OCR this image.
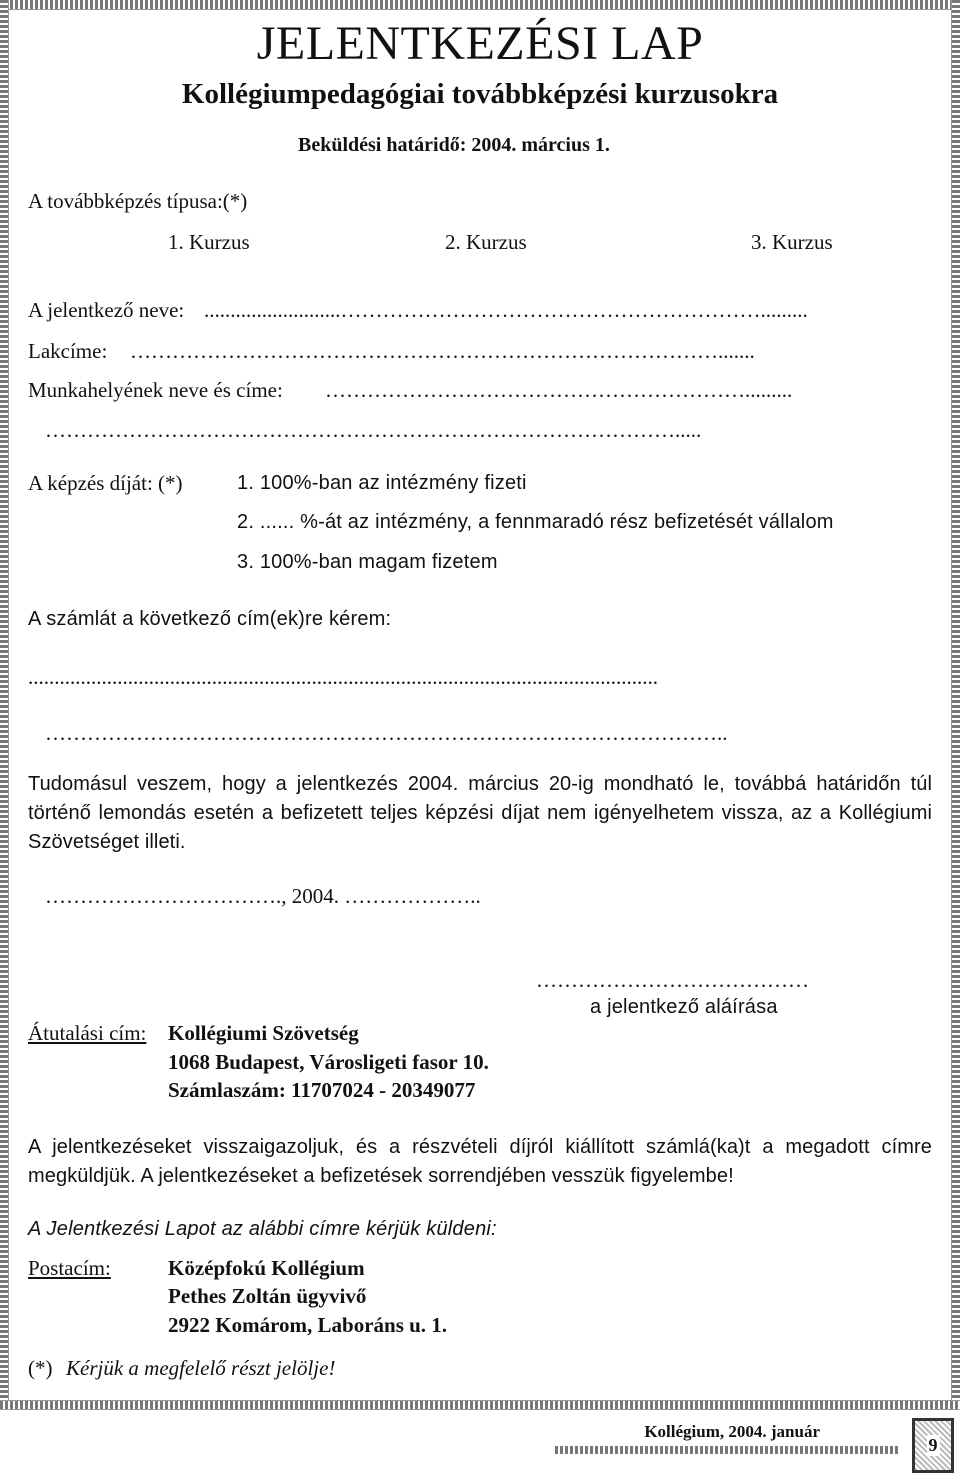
JELENTKEZÉSI LAP
Kollégiumpedagógiai továbbképzési kurzusokra
Beküldési határidő: 2004. március 1.
A továbbképzés típusa:(*)
1. Kurzus	2. Kurzus	3. Kurzus
A jelentkező neve: ..........................…………………………………………………….........
Lakcíme: ………………………………………………………………………….......
Munkahelyének neve és címe: …………………………………………………….........
……………………………………………………………………………….....
A képzés díját: (*)	1. 100%-ban az intézmény fizeti
2. ...... %-át az intézmény, a fennmaradó rész befizetését vállalom
3. 100%-ban magam fizetem
A számlát a következő cím(ek)re kérem:
........................................................................................................................
……………………………………………………………………………………..
Tudomásul veszem, hogy a jelentkezés 2004. március 20-ig mondható le, továbbá határidőn túl történő lemondás esetén a befizetett teljes képzési díjat nem igényelhetem vissza, az a Kollégiumi Szövetséget illeti.
……………………………., 2004. ………………..
…………………………………
a jelentkező aláírása
Átutalási cím: Kollégiumi Szövetség
1068 Budapest, Városligeti fasor 10.
Számlaszám: 11707024 - 20349077
A jelentkezéseket visszaigazoljuk, és a részvételi díjról kiállított számlá(ka)t a megadott címre megküldjük. A jelentkezéseket a befizetések sorrendjében vesszük figyelembe!
A Jelentkezési Lapot az alábbi címre kérjük küldeni:
Postacím:	Középfokú Kollégium
Pethes Zoltán ügyvivő
2922 Komárom, Laboráns u. 1.
(*) Kérjük a megfelelő részt jelölje!
Kollégium, 2004. január
9
